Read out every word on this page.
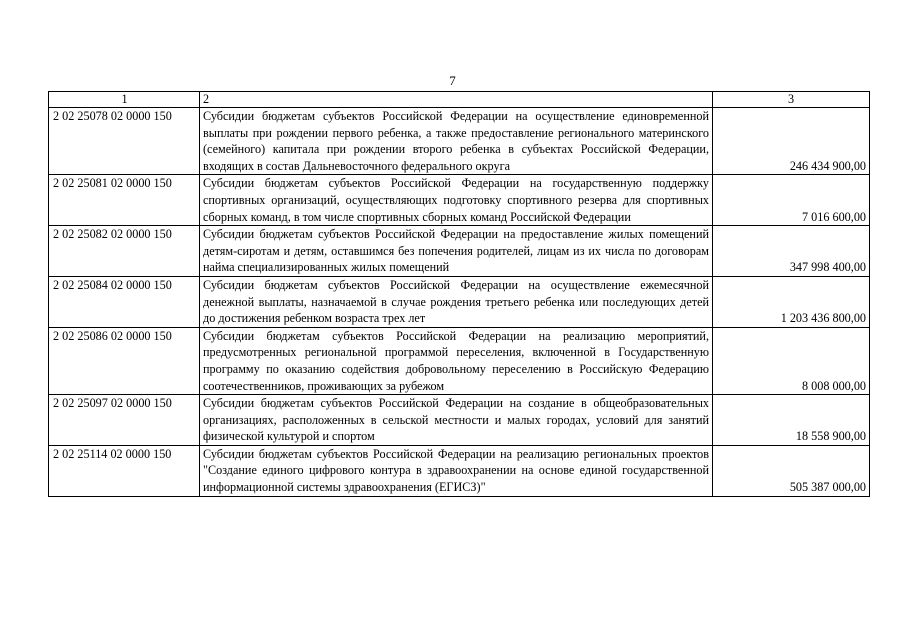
7
1	2	3
2 02 25078 02 0000 150	Субсидии бюджетам субъектов Российской Федерации на осуществление единовременной выплаты при рождении первого ребенка, а также предоставление регионального материнского (семейного) капитала при рождении второго ребенка в субъектах Российской Федерации, входящих в состав Дальневосточного федерального округа	246 434 900,00
2 02 25081 02 0000 150	Субсидии бюджетам субъектов Российской Федерации на государственную поддержку спортивных организаций, осуществляющих подготовку спортивного резерва для спортивных сборных команд, в том числе спортивных сборных команд Российской Федерации	7 016 600,00
2 02 25082 02 0000 150	Субсидии бюджетам субъектов Российской Федерации на предоставление жилых помещений детям-сиротам и детям, оставшимся без попечения родителей, лицам из их числа по договорам найма специализированных жилых помещений	347 998 400,00
2 02 25084 02 0000 150	Субсидии бюджетам субъектов Российской Федерации на осуществление ежемесячной денежной выплаты, назначаемой в случае рождения третьего ребенка или последующих детей до достижения ребенком возраста трех лет	1 203 436 800,00
2 02 25086 02 0000 150	Субсидии бюджетам субъектов Российской Федерации на реализацию мероприятий, предусмотренных региональной программой переселения, включенной в Государственную программу по оказанию содействия добровольному переселению в Российскую Федерацию соотечественников, проживающих за рубежом	8 008 000,00
2 02 25097 02 0000 150	Субсидии бюджетам субъектов Российской Федерации на создание в общеобразовательных организациях, расположенных в сельской местности и малых городах, условий для занятий физической культурой и спортом	18 558 900,00
2 02 25114 02 0000 150	Субсидии бюджетам субъектов Российской Федерации на реализацию региональных проектов "Создание единого цифрового контура в здравоохранении на основе единой государственной информационной системы здравоохранения (ЕГИСЗ)"	505 387 000,00
